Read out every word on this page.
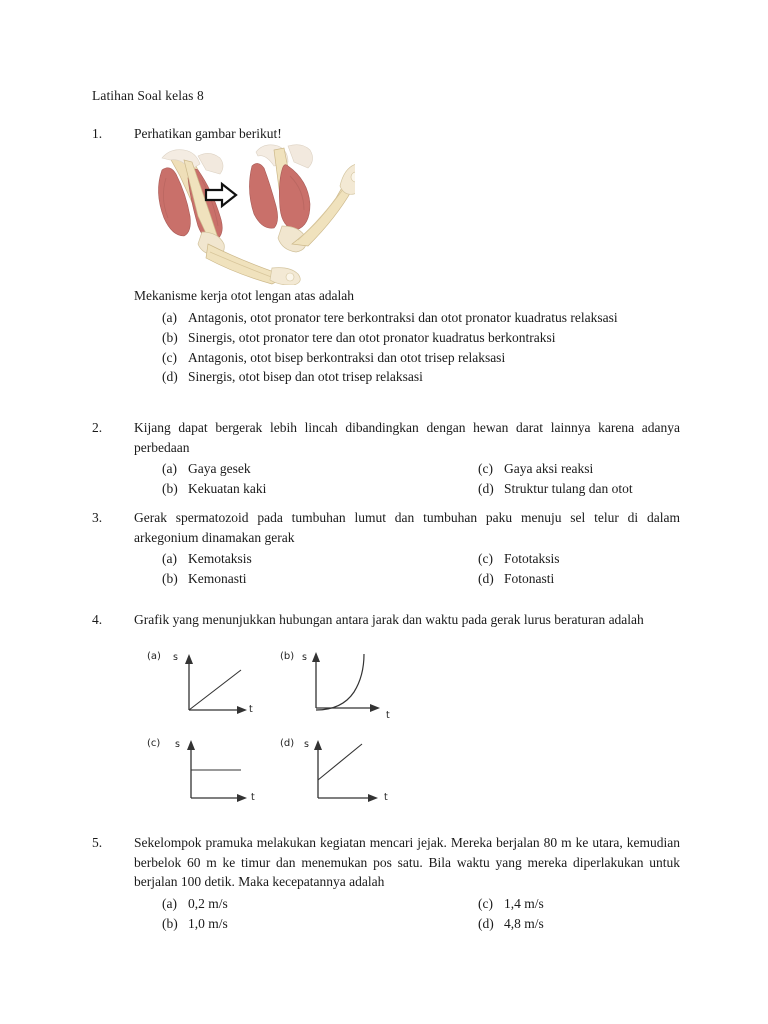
Latihan Soal kelas 8
1.	Perhatikan gambar berikut!
Mekanisme kerja otot lengan atas adalah
(a) Antagonis, otot pronator tere berkontraksi dan otot pronator kuadratus relaksasi
(b) Sinergis, otot pronator tere dan otot pronator kuadratus berkontraksi
(c) Antagonis, otot bisep berkontraksi dan otot trisep relaksasi
(d) Sinergis, otot bisep dan otot trisep relaksasi
2.	Kijang dapat bergerak lebih lincah dibandingkan dengan hewan darat lainnya karena adanya perbedaan
(a) Gaya gesek
(b) Kekuatan kaki
(c) Gaya aksi reaksi
(d) Struktur tulang dan otot
3.	Gerak spermatozoid pada tumbuhan lumut dan tumbuhan paku menuju sel telur di dalam arkegonium dinamakan gerak
(a) Kemotaksis
(b) Kemonasti
(c) Fototaksis
(d) Fotonasti
4.	Grafik yang menunjukkan hubungan antara jarak dan waktu pada gerak lurus beraturan adalah
(a) s
t
(b) s
t
(c) s
t
(d) s
t
5.	Sekelompok pramuka melakukan kegiatan mencari jejak. Mereka berjalan 80 m ke utara, kemudian berbelok 60 m ke timur dan menemukan pos satu. Bila waktu yang mereka diperlakukan untuk berjalan 100 detik. Maka kecepatannya adalah
(a) 0,2 m/s
(b) 1,0 m/s
(c) 1,4 m/s
(d) 4,8 m/s
